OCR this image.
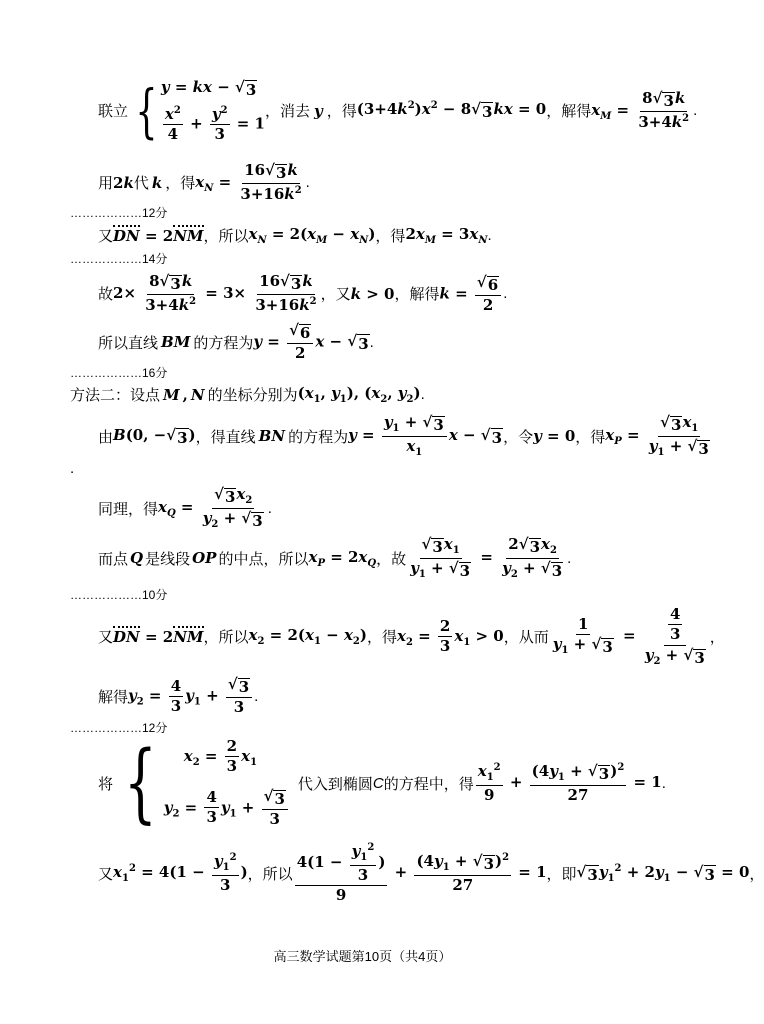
联立 { y = kx − √ 3
$\frac{x^2}{4} + \frac{y^2}{3} = 1$
，消去 y ，得 $(3+4k^2)x^2 - 8$ √ 3 kx = 0 ，解得 $x_M = \frac{8 √ 3 k}{3+4k^2}$ .
用 2k 代 k ，得 $x_N = \frac{16 √ 3 k}{3+16k^2}$ .
………………12分
又 DN = 2NM ，所以 $x_N = 2(x_M - x_N)$ ，得 $2x_M = 3x_N$ .
………………14分
故 $2\times \frac{8 √ 3 k}{3+4k^2} = 3\times \frac{16 √ 3 k}{3+16k^2}$ ，又 k > 0 ，解得 $k = \frac{√ 6}{2}$ .
所以直线 BM 的方程为 $y = \frac{√ 6}{2}$ x − √ 3 .
………………16分
方法二：设点 M , N 的坐标分别为 ($x_1$, $y_1$), ($x_2$, $y_2$) .
由 B(0, − √ 3 ) ，得直线 BN 的方程为 $y = \frac{y_1 + √ 3}{x_1}$ x − √ 3 ，令 y = 0 ，得 $x_P = \frac{√ 3 x_1}{y_1 + √ 3}$
.
同理，得 $x_Q = \frac{√ 3 x_2}{y_2 + √ 3}$ .
而点 Q 是线段 OP 的中点，所以 $x_P = 2x_Q$ ，故 $\frac{√ 3 x_1}{y_1 + √ 3} = \frac{2 √ 3 x_2}{y_2 + √ 3}$ .
………………10分
又 DN = 2NM ，所以 $x_2 = 2(x_1 - x_2)$ ，得 $x_2 = \frac{2}{3} x_1 > 0$ ，从而 $\frac{1}{y_1 + √ 3} = \frac{\frac{4}{3}}{y_2 + √ 3}$ ，
解得 $y_2 = \frac{4}{3} y_1 + \frac{√ 3}{3}$ .
………………12分
将 {	$x_2 = \frac{2}{3} x_1$
$y_2 = \frac{4}{3} y_1 + \frac{√ 3}{3}$
代入到椭圆 C 的方程中，得 $\frac{x_1^2}{9} + \frac{(4y_1 + √ 3 )^2}{27} = 1$ .
又 $x_1^2 = 4(1 - \frac{y_1^2}{3}$ ) ，所以 $\frac{4(1 - \frac{y_1^2}{3} )}{9} + \frac{(4y_1 + √ 3 )^2}{27} = 1$ ，即 √ 3 $y_1^2 + 2y_1$ − √ 3 = 0 ，
高三数学试题第10页（共4页）
